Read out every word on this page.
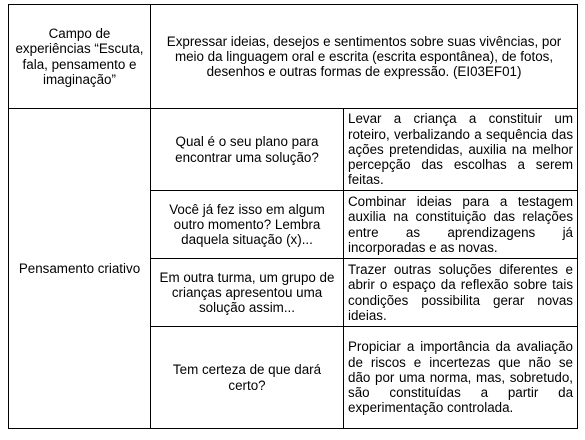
Campo de experiências “Escuta, fala, pensamento e imaginação”	Expressar ideias, desejos e sentimentos sobre suas vivências, por meio da linguagem oral e escrita (escrita espontânea), de fotos, desenhos e outras formas de expressão. (EI03EF01)	
Pensamento criativo	Qual é o seu plano para encontrar uma solução?	Levar a criança a constituir um roteiro, verbalizando a sequência das ações pretendidas, auxilia na melhor percepção das escolhas a serem feitas.

	Você já fez isso em algum outro momento? Lembra daquela situação (x)...	Combinar ideias para a testagem auxilia na constituição das relações entre as aprendizagens já incorporadas e as novas.

	Em outra turma, um grupo de crianças apresentou uma solução assim...	Trazer outras soluções diferentes e abrir o espaço da reflexão sobre tais condições possibilita gerar novas ideias.

	Tem certeza de que dará certo?	Propiciar a importância da avaliação de riscos e incertezas que não se dão por uma norma, mas, sobretudo, são constituídas a partir da experimentação controlada.
